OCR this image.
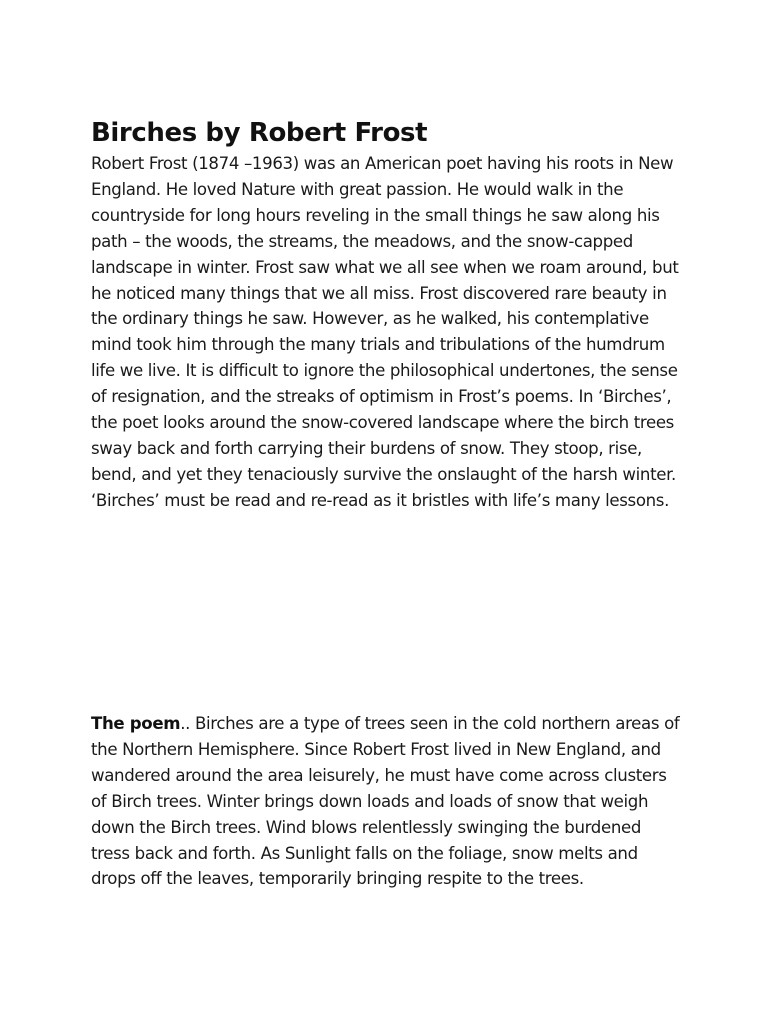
Birches by Robert Frost

Robert Frost (1874 –1963) was an American poet having his roots in New England. He loved Nature with great passion. He would walk in the countryside for long hours reveling in the small things he saw along his path – the woods, the streams, the meadows, and the snow-capped landscape in winter. Frost saw what we all see when we roam around, but he noticed many things that we all miss. Frost discovered rare beauty in the ordinary things he saw. However, as he walked, his contemplative mind took him through the many trials and tribulations of the humdrum life we live. It is difficult to ignore the philosophical undertones, the sense of resignation, and the streaks of optimism in Frost’s poems. In ‘Birches’, the poet looks around the snow-covered landscape where the birch trees sway back and forth carrying their burdens of snow. They stoop, rise, bend, and yet they tenaciously survive the onslaught of the harsh winter. ‘Birches’ must be read and re-read as it bristles with life’s many lessons.

The poem.. Birches are a type of trees seen in the cold northern areas of the Northern Hemisphere. Since Robert Frost lived in New England, and wandered around the area leisurely, he must have come across clusters of Birch trees. Winter brings down loads and loads of snow that weigh down the Birch trees. Wind blows relentlessly swinging the burdened tress back and forth. As Sunlight falls on the foliage, snow melts and drops off the leaves, temporarily bringing respite to the trees.
